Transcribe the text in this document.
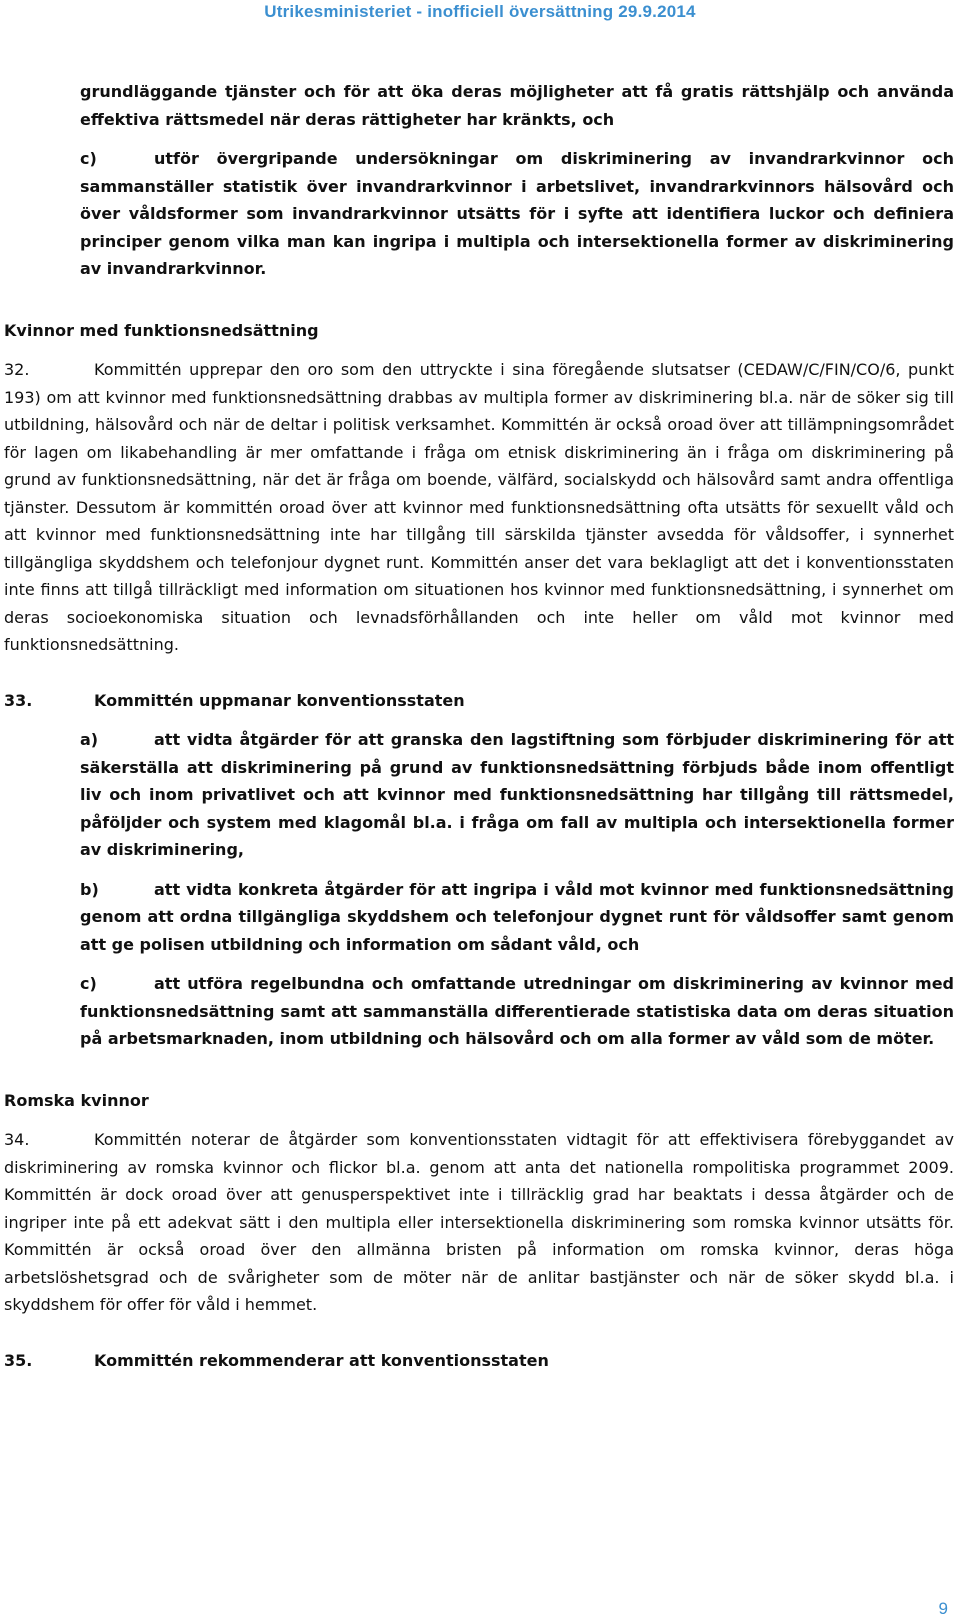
Utrikesministeriet - inofficiell översättning 29.9.2014

grundläggande tjänster och för att öka deras möjligheter att få gratis rättshjälp och använda effektiva rättsmedel när deras rättigheter har kränkts, och

c)	utför övergripande undersökningar om diskriminering av invandrarkvinnor och sammanställer statistik över invandrarkvinnor i arbetslivet, invandrarkvinnors hälsovård och över våldsformer som invandrarkvinnor utsätts för i syfte att identifiera luckor och definiera principer genom vilka man kan ingripa i multipla och intersektionella former av diskriminering av invandrarkvinnor.

Kvinnor med funktionsnedsättning

32.	Kommittén upprepar den oro som den uttryckte i sina föregående slutsatser (CEDAW/C/FIN/CO/6, punkt 193) om att kvinnor med funktionsnedsättning drabbas av multipla former av diskriminering bl.a. när de söker sig till utbildning, hälsovård och när de deltar i politisk verksamhet. Kommittén är också oroad över att tillämpningsområdet för lagen om likabehandling är mer omfattande i fråga om etnisk diskriminering än i fråga om diskriminering på grund av funktionsnedsättning, när det är fråga om boende, välfärd, socialskydd och hälsovård samt andra offentliga tjänster. Dessutom är kommittén oroad över att kvinnor med funktionsnedsättning ofta utsätts för sexuellt våld och att kvinnor med funktionsnedsättning inte har tillgång till särskilda tjänster avsedda för våldsoffer, i synnerhet tillgängliga skyddshem och telefonjour dygnet runt. Kommittén anser det vara beklagligt att det i konventionsstaten inte finns att tillgå tillräckligt med information om situationen hos kvinnor med funktionsnedsättning, i synnerhet om deras socioekonomiska situation och levnadsförhållanden och inte heller om våld mot kvinnor med funktionsnedsättning.

33.	Kommittén uppmanar konventionsstaten

a)	att vidta åtgärder för att granska den lagstiftning som förbjuder diskriminering för att säkerställa att diskriminering på grund av funktionsnedsättning förbjuds både inom offentligt liv och inom privatlivet och att kvinnor med funktionsnedsättning har tillgång till rättsmedel, påföljder och system med klagomål bl.a. i fråga om fall av multipla och intersektionella former av diskriminering,

b)	att vidta konkreta åtgärder för att ingripa i våld mot kvinnor med funktionsnedsättning genom att ordna tillgängliga skyddshem och telefonjour dygnet runt för våldsoffer samt genom att ge polisen utbildning och information om sådant våld, och

c)	att utföra regelbundna och omfattande utredningar om diskriminering av kvinnor med funktionsnedsättning samt att sammanställa differentierade statistiska data om deras situation på arbetsmarknaden, inom utbildning och hälsovård och om alla former av våld som de möter.

Romska kvinnor

34.	Kommittén noterar de åtgärder som konventionsstaten vidtagit för att effektivisera förebyggandet av diskriminering av romska kvinnor och flickor bl.a. genom att anta det nationella rompolitiska programmet 2009. Kommittén är dock oroad över att genusperspektivet inte i tillräcklig grad har beaktats i dessa åtgärder och de ingriper inte på ett adekvat sätt i den multipla eller intersektionella diskriminering som romska kvinnor utsätts för. Kommittén är också oroad över den allmänna bristen på information om romska kvinnor, deras höga arbetslöshetsgrad och de svårigheter som de möter när de anlitar bastjänster och när de söker skydd bl.a. i skyddshem för offer för våld i hemmet.

35.	Kommittén rekommenderar att konventionsstaten

9
